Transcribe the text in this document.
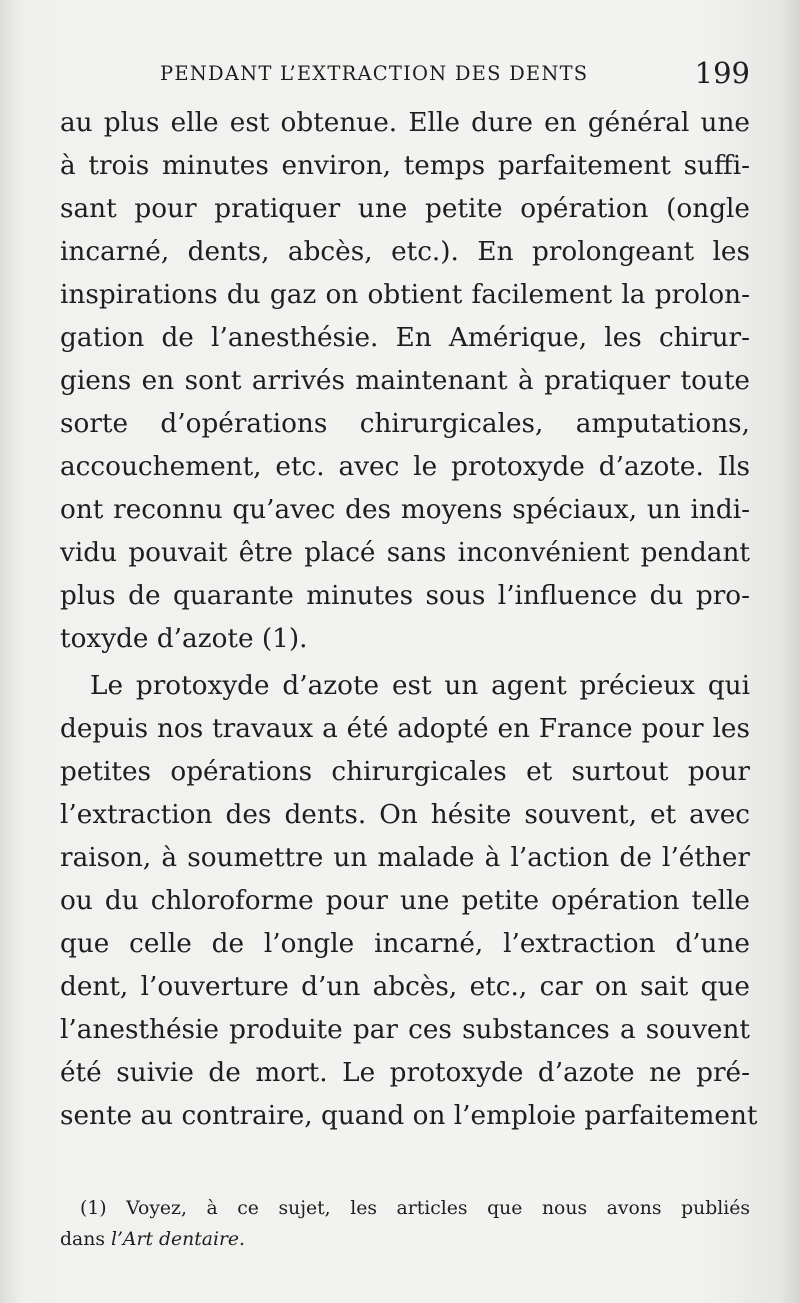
PENDANT L’EXTRACTION DES DENTS	199
au plus elle est obtenue. Elle dure en général une
à trois minutes environ, temps parfaitement suffi-
sant pour pratiquer une petite opération (ongle
incarné, dents, abcès, etc.). En prolongeant les
inspirations du gaz on obtient facilement la prolon-
gation de l’anesthésie. En Amérique, les chirur-
giens en sont arrivés maintenant à pratiquer toute
sorte d’opérations chirurgicales, amputations,
accouchement, etc. avec le protoxyde d’azote. Ils
ont reconnu qu’avec des moyens spéciaux, un indi-
vidu pouvait être placé sans inconvénient pendant
plus de quarante minutes sous l’influence du pro-
toxyde d’azote (1).
Le protoxyde d’azote est un agent précieux qui
depuis nos travaux a été adopté en France pour les
petites opérations chirurgicales et surtout pour
l’extraction des dents. On hésite souvent, et avec
raison, à soumettre un malade à l’action de l’éther
ou du chloroforme pour une petite opération telle
que celle de l’ongle incarné, l’extraction d’une
dent, l’ouverture d’un abcès, etc., car on sait que
l’anesthésie produite par ces substances a souvent
été suivie de mort. Le protoxyde d’azote ne pré-
sente au contraire, quand on l’emploie parfaitement
(1) Voyez, à ce sujet, les articles que nous avons publiés
dans l’Art dentaire.
